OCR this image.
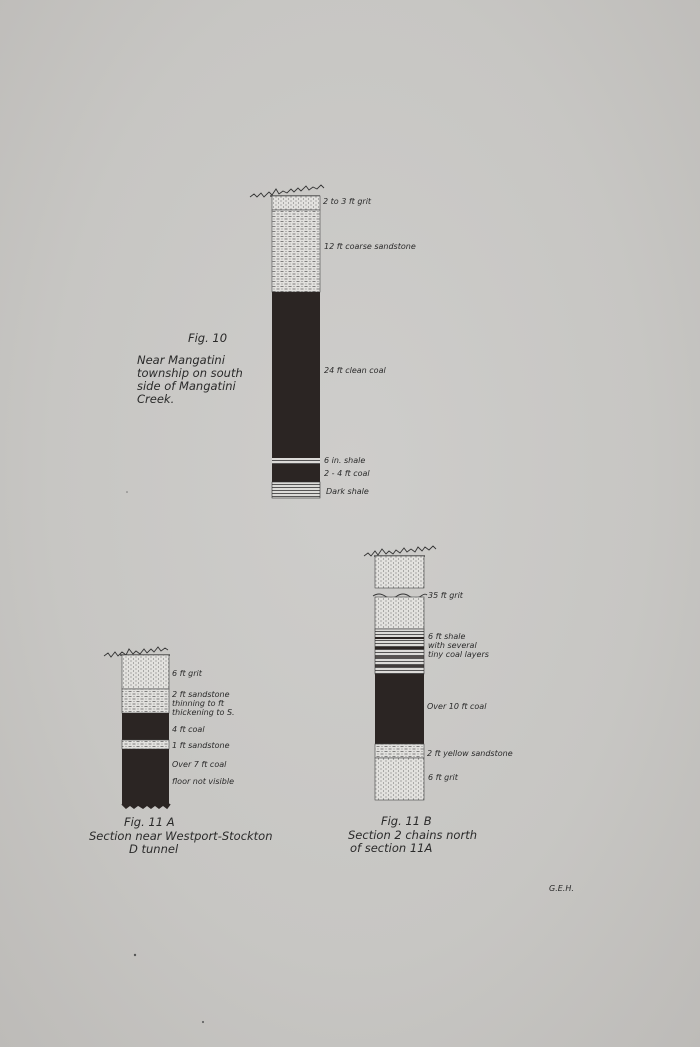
2 to 3 ft grit
12 ft coarse sandstone
24 ft clean coal
6 in. shale
2 - 4 ft coal
Dark shale
Fig. 10
Near Mangatini
township on south
side of Mangatini
Creek.
6 ft grit
2 ft sandstone
thinning to ft
thickening to S.
4 ft coal
1 ft sandstone
Over 7 ft coal
floor not visible
Fig. 11 A
Section near Westport-Stockton
D tunnel
35 ft grit
6 ft shale
with several
tiny coal layers
Over 10 ft coal
2 ft yellow sandstone
6 ft grit
Fig. 11 B
Section 2 chains north
of section 11A
G.E.H.
